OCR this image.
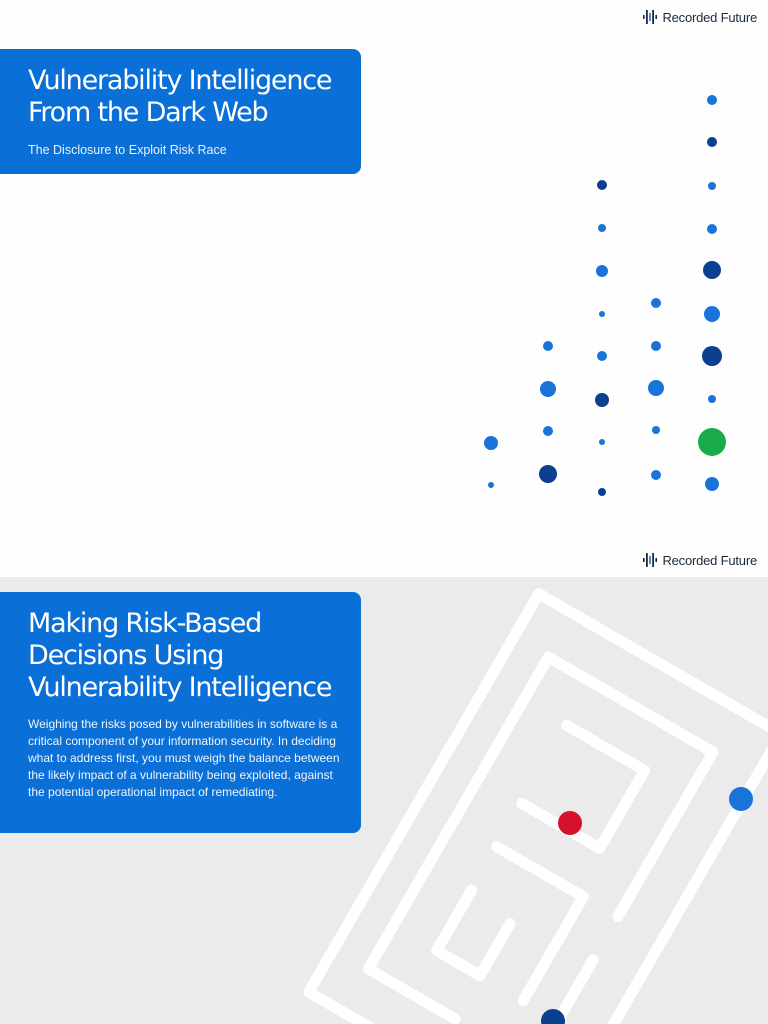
Recorded Future
Vulnerability Intelligence
From the Dark Web
The Disclosure to Exploit Risk Race
Making Risk-Based
Decisions Using
Vulnerability Intelligence
Weighing the risks posed by vulnerabilities in software is a critical component of your information security. In deciding what to address first, you must weigh the balance between the likely impact of a vulnerability being exploited, against the potential operational impact of remediating.
Recorded Future
